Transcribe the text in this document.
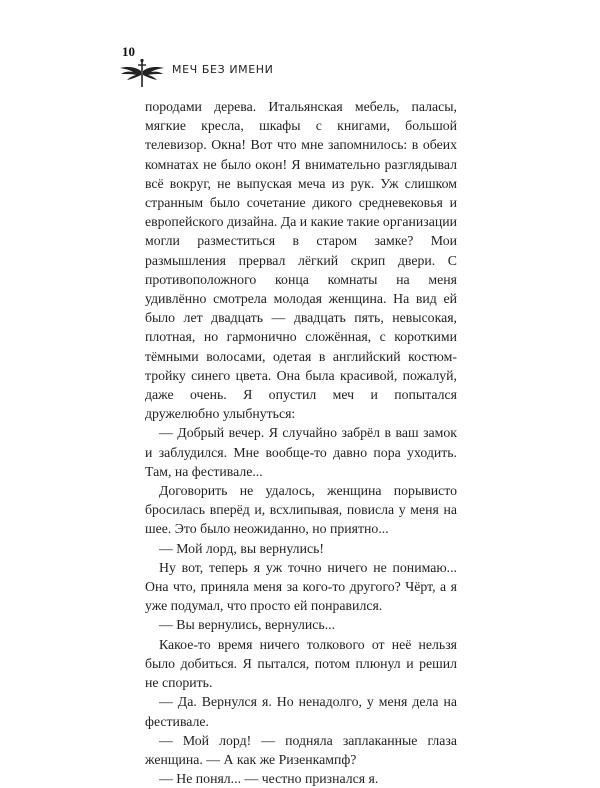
10
МЕЧ БЕЗ ИМЕНИ

породами дерева. Итальянская мебель, паласы, мягкие кресла, шкафы с книгами, большой телевизор. Окна! Вот что мне запомнилось: в обеих комнатах не было окон! Я внимательно разглядывал всё вокруг, не выпуская меча из рук. Уж слишком странным было сочетание дикого средневековья и европейского дизайна. Да и какие такие организации могли разместиться в старом замке? Мои размышления прервал лёгкий скрип двери. С противоположного конца комнаты на меня удивлённо смотрела молодая женщина. На вид ей было лет двадцать — двадцать пять, невысокая, плотная, но гармонично сложённая, с короткими тёмными волосами, одетая в английский костюм-тройку синего цвета. Она была красивой, пожалуй, даже очень. Я опустил меч и попытался дружелюбно улыбнуться:

— Добрый вечер. Я случайно забрёл в ваш замок и заблудился. Мне вообще-то давно пора уходить. Там, на фестивале...

Договорить не удалось, женщина порывисто бросилась вперёд и, всхлипывая, повисла у меня на шее. Это было неожиданно, но приятно...

— Мой лорд, вы вернулись!

Ну вот, теперь я уж точно ничего не понимаю... Она что, приняла меня за кого-то другого? Чёрт, а я уже подумал, что просто ей понравился.

— Вы вернулись, вернулись...

Какое-то время ничего толкового от неё нельзя было добиться. Я пытался, потом плюнул и решил не спорить.

— Да. Вернулся я. Но ненадолго, у меня дела на фестивале.

— Мой лорд! — подняла заплаканные глаза женщина. — А как же Ризенкампф?

— Не понял... — честно признался я.
